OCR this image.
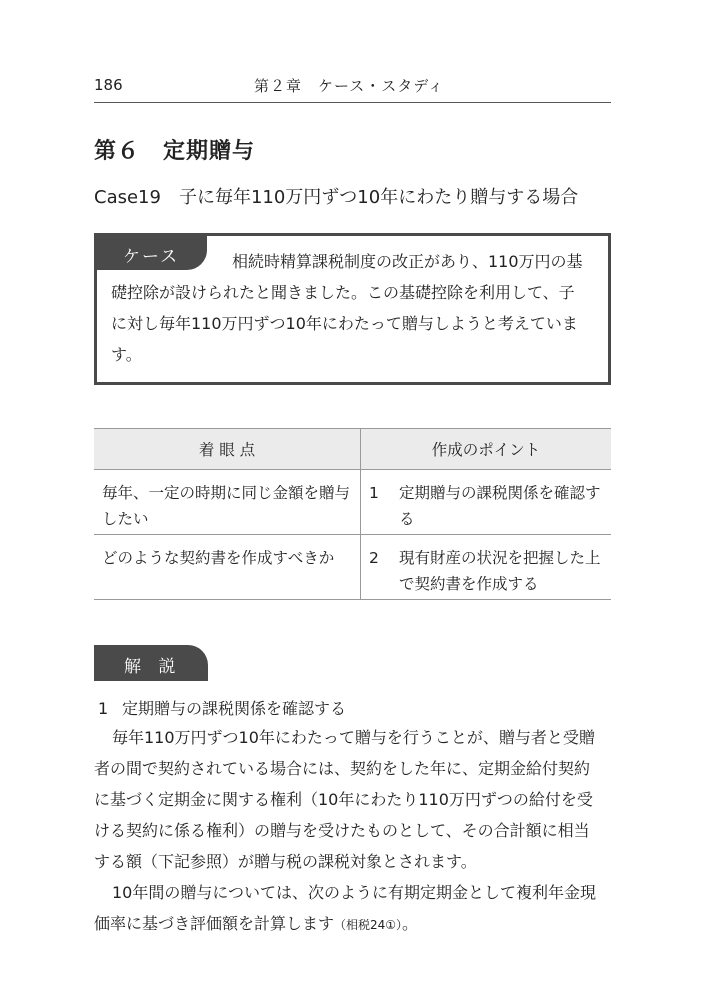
186	第２章　ケース・スタディ
第６　定期贈与
Case19　子に毎年110万円ずつ10年にわたり贈与する場合
相続時精算課税制度の改正があり、110万円の基
礎控除が設けられたと聞きました。この基礎控除を利用して、子
に対し毎年110万円ずつ10年にわたって贈与しようと考えていま
す。
ケース
着 眼 点	作成のポイント
毎年、一定の時期に同じ金額を贈与したい	1 定期贈与の課税関係を確認する

どのような契約書を作成すべきか	2 現有財産の状況を把握した上で契約書を作成する
解 説
1 定期贈与の課税関係を確認する
毎年110万円ずつ10年にわたって贈与を行うことが、贈与者と受贈
者の間で契約されている場合には、契約をした年に、定期金給付契約
に基づく定期金に関する権利（10年にわたり110万円ずつの給付を受
ける契約に係る権利）の贈与を受けたものとして、その合計額に相当
する額（下記参照）が贈与税の課税対象とされます。
10年間の贈与については、次のように有期定期金として複利年金現
価率に基づき評価額を計算します（相税24①）。
